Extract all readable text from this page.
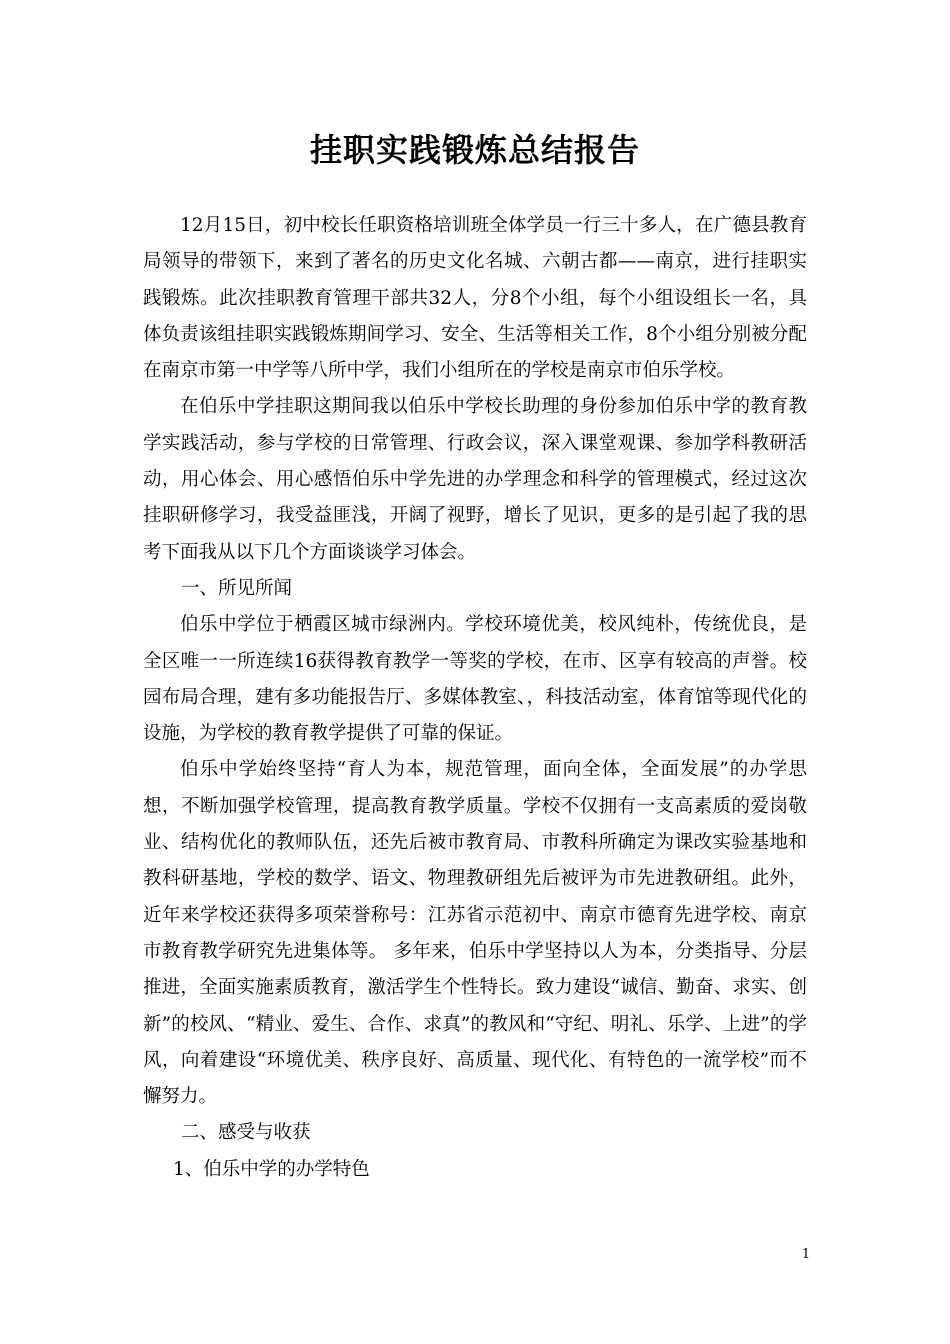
挂职实践锻炼总结报告

12月15日，初中校长任职资格培训班全体学员一行三十多人，在广德县教育局领导的带领下，来到了著名的历史文化名城、六朝古都——南京，进行挂职实践锻炼。此次挂职教育管理干部共32人，分8个小组，每个小组设组长一名，具体负责该组挂职实践锻炼期间学习、安全、生活等相关工作，8个小组分别被分配在南京市第一中学等八所中学，我们小组所在的学校是南京市伯乐学校。

在伯乐中学挂职这期间我以伯乐中学校长助理的身份参加伯乐中学的教育教学实践活动，参与学校的日常管理、行政会议，深入课堂观课、参加学科教研活动，用心体会、用心感悟伯乐中学先进的办学理念和科学的管理模式，经过这次挂职研修学习，我受益匪浅，开阔了视野，增长了见识，更多的是引起了我的思考下面我从以下几个方面谈谈学习体会。

一、所见所闻

伯乐中学位于栖霞区城市绿洲内。学校环境优美，校风纯朴，传统优良，是全区唯一一所连续16获得教育教学一等奖的学校，在市、区享有较高的声誉。校园布局合理，建有多功能报告厅、多媒体教室、，科技活动室，体育馆等现代化的设施，为学校的教育教学提供了可靠的保证。

伯乐中学始终坚持“育人为本，规范管理，面向全体，全面发展”的办学思想，不断加强学校管理，提高教育教学质量。学校不仅拥有一支高素质的爱岗敬业、结构优化的教师队伍，还先后被市教育局、市教科所确定为课改实验基地和教科研基地，学校的数学、语文、物理教研组先后被评为市先进教研组。此外，近年来学校还获得多项荣誉称号：江苏省示范初中、南京市德育先进学校、南京市教育教学研究先进集体等。 多年来，伯乐中学坚持以人为本，分类指导、分层推进，全面实施素质教育，激活学生个性特长。致力建设“诚信、勤奋、求实、创新”的校风、“精业、爱生、合作、求真”的教风和“守纪、明礼、乐学、上进”的学风，向着建设“环境优美、秩序良好、高质量、现代化、有特色的一流学校”而不懈努力。

二、感受与收获

1、伯乐中学的办学特色

1
